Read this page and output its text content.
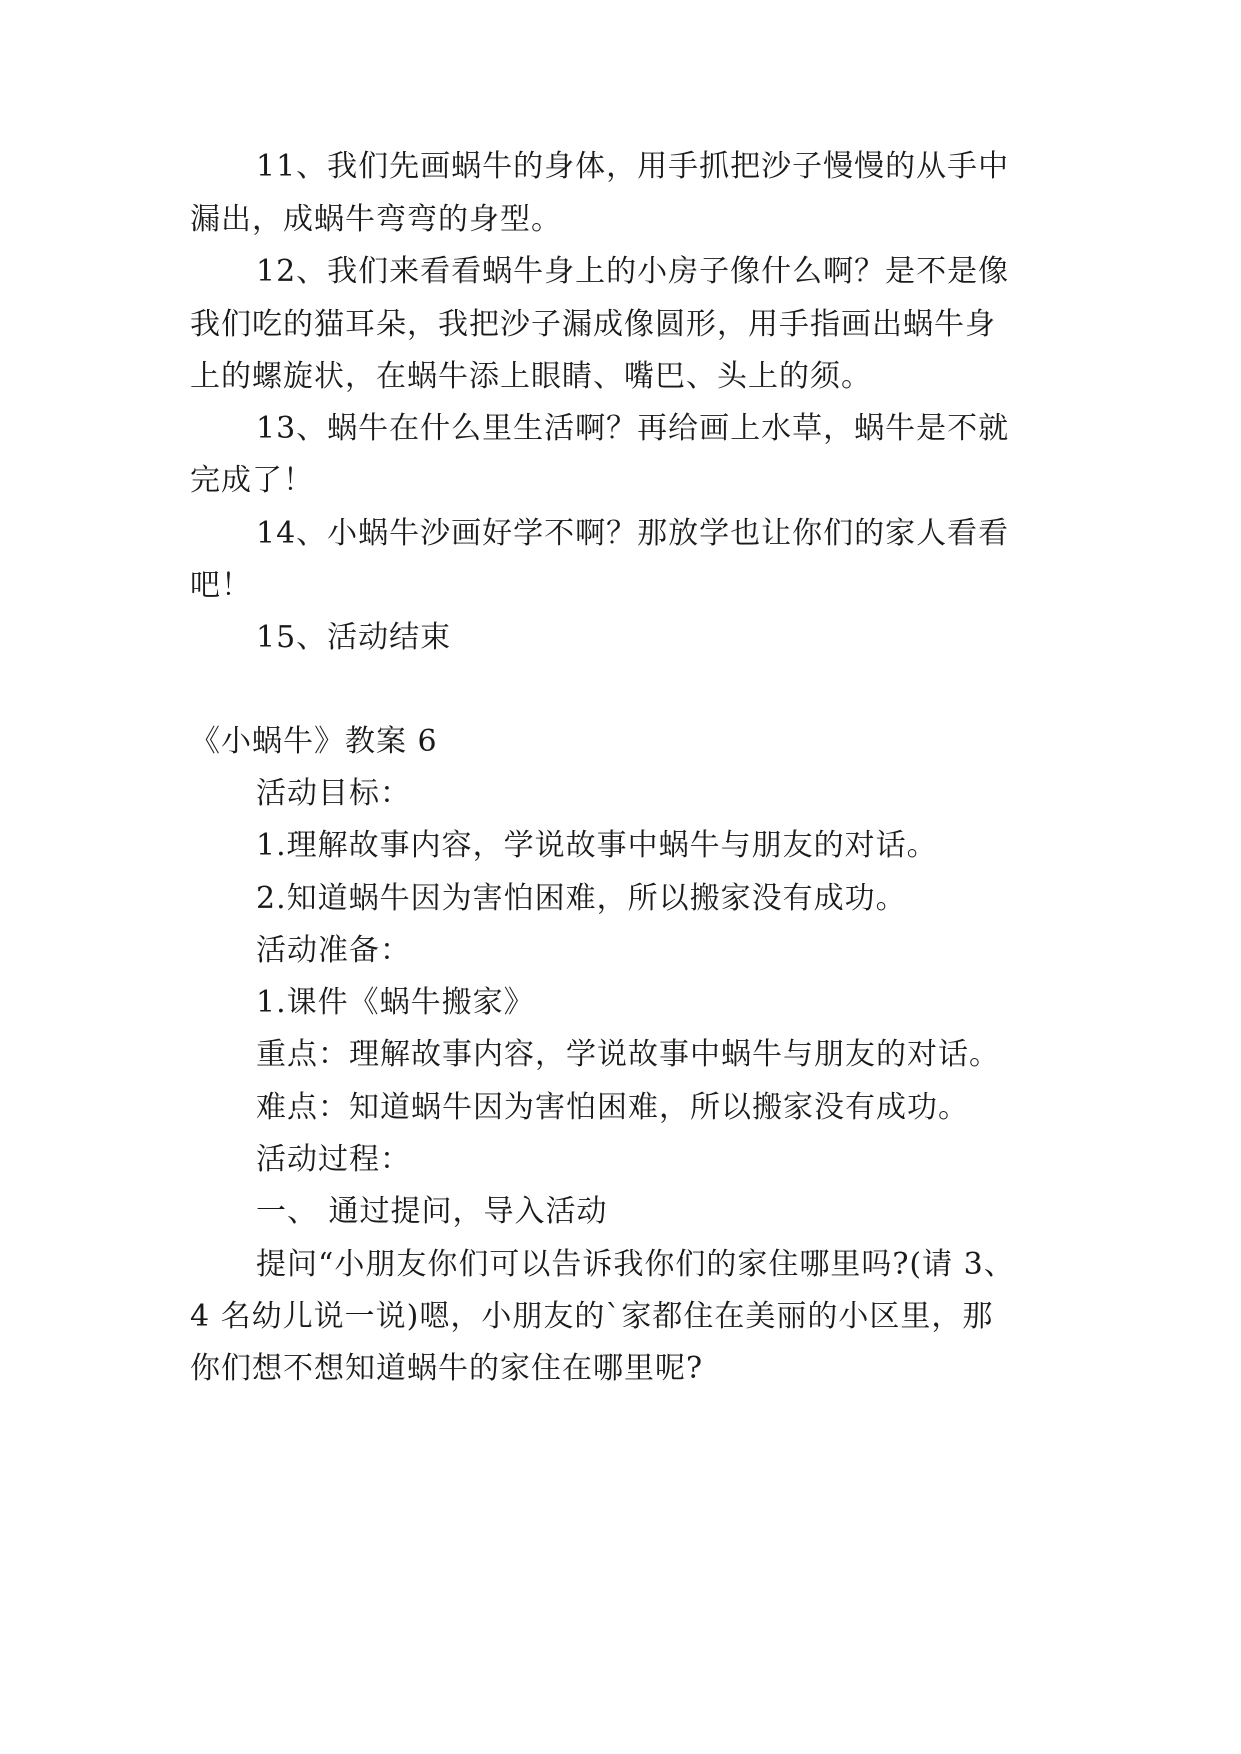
11、我们先画蜗牛的身体，用手抓把沙子慢慢的从手中
漏出，成蜗牛弯弯的身型。
12、我们来看看蜗牛身上的小房子像什么啊？是不是像
我们吃的猫耳朵，我把沙子漏成像圆形，用手指画出蜗牛身
上的螺旋状，在蜗牛添上眼睛、嘴巴、头上的须。
13、蜗牛在什么里生活啊？再给画上水草，蜗牛是不就
完成了！
14、小蜗牛沙画好学不啊？那放学也让你们的家人看看
吧！
15、活动结束
《小蜗牛》教案 6
活动目标：
1.理解故事内容，学说故事中蜗牛与朋友的对话。
2.知道蜗牛因为害怕困难，所以搬家没有成功。
活动准备：
1.课件《蜗牛搬家》
重点：理解故事内容，学说故事中蜗牛与朋友的对话。
难点：知道蜗牛因为害怕困难，所以搬家没有成功。
活动过程：
一、 通过提问，导入活动
提问“小朋友你们可以告诉我你们的家住哪里吗?(请 3、
4 名幼儿说一说)嗯，小朋友的`家都住在美丽的小区里，那
你们想不想知道蜗牛的家住在哪里呢?
